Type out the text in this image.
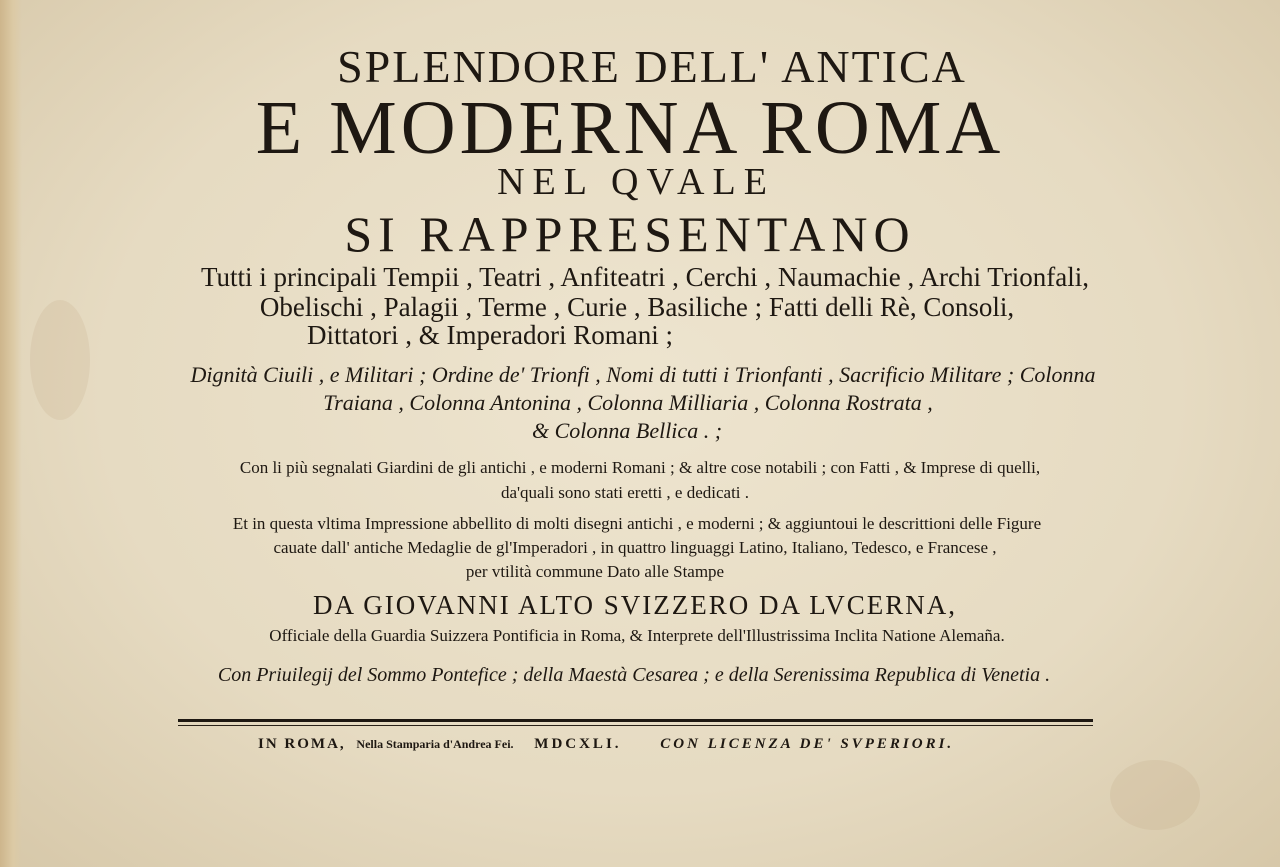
SPLENDORE DELL' ANTICA
E MODERNA ROMA
NEL QVALE
SI RAPPRESENTANO
Tutti i principali Tempii , Teatri , Anfiteatri , Cerchi , Naumachie , Archi Trionfali,
Obelischi , Palagii , Terme , Curie , Basiliche ; Fatti delli Rè, Consoli,
Dittatori , & Imperadori Romani ;
Dignità Ciuili , e Militari ; Ordine de' Trionfi , Nomi di tutti i Trionfanti , Sacrificio Militare ; Colonna
Traiana , Colonna Antonina , Colonna Milliaria , Colonna Rostrata ,
& Colonna Bellica . ;
Con li più segnalati Giardini de gli antichi , e moderni Romani ; & altre cose notabili ; con Fatti , & Imprese di quelli,
da'quali sono stati eretti , e dedicati .
Et in questa vltima Impressione abbellito di molti disegni antichi , e moderni ; & aggiuntoui le descrittioni delle Figure
cauate dall' antiche Medaglie de gl'Imperadori , in quattro linguaggi Latino, Italiano, Tedesco, e Francese ,
per vtilità commune Dato alle Stampe
DA GIOVANNI ALTO SVIZZERO DA LVCERNA,
Officiale della Guardia Suizzera Pontificia in Roma, & Interprete dell'Illustrissima Inclita Natione Alemaña.
Con Priuilegij del Sommo Pontefice ; della Maestà Cesarea ; e della Serenissima Republica di Venetia .
IN ROMA, Nella Stamparia d'Andrea Fei. MDCXLI.	CON LICENZA DE' SVPERIORI.
